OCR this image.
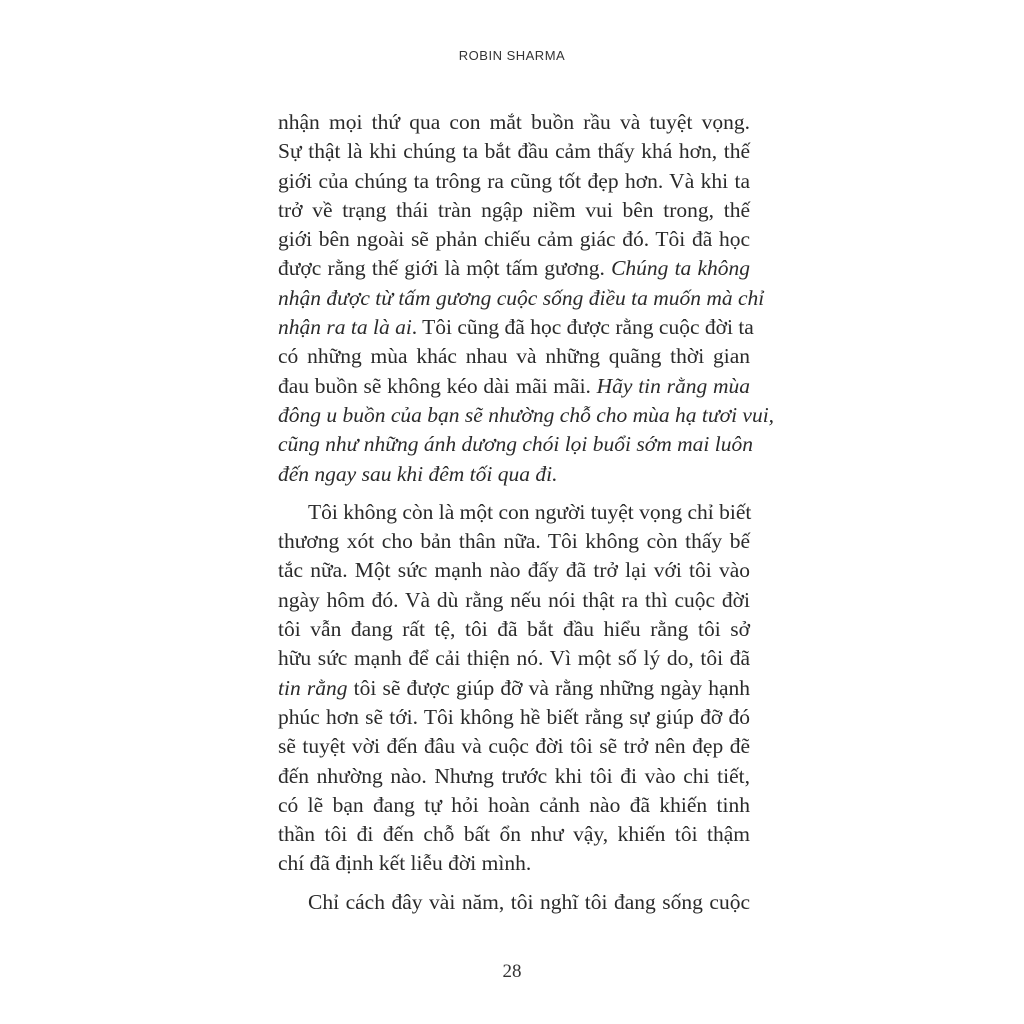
ROBIN SHARMA
nhận mọi thứ qua con mắt buồn rầu và tuyệt vọng.
Sự thật là khi chúng ta bắt đầu cảm thấy khá hơn, thế
giới của chúng ta trông ra cũng tốt đẹp hơn. Và khi ta
trở về trạng thái tràn ngập niềm vui bên trong, thế
giới bên ngoài sẽ phản chiếu cảm giác đó. Tôi đã học
được rằng thế giới là một tấm gương. Chúng ta không
nhận được từ tấm gương cuộc sống điều ta muốn mà chỉ
nhận ra ta là ai. Tôi cũng đã học được rằng cuộc đời ta
có những mùa khác nhau và những quãng thời gian
đau buồn sẽ không kéo dài mãi mãi. Hãy tin rằng mùa
đông u buồn của bạn sẽ nhường chỗ cho mùa hạ tươi vui,
cũng như những ánh dương chói lọi buổi sớm mai luôn
đến ngay sau khi đêm tối qua đi.
Tôi không còn là một con người tuyệt vọng chỉ biết
thương xót cho bản thân nữa. Tôi không còn thấy bế
tắc nữa. Một sức mạnh nào đấy đã trở lại với tôi vào
ngày hôm đó. Và dù rằng nếu nói thật ra thì cuộc đời
tôi vẫn đang rất tệ, tôi đã bắt đầu hiểu rằng tôi sở
hữu sức mạnh để cải thiện nó. Vì một số lý do, tôi đã
tin rằng tôi sẽ được giúp đỡ và rằng những ngày hạnh
phúc hơn sẽ tới. Tôi không hề biết rằng sự giúp đỡ đó
sẽ tuyệt vời đến đâu và cuộc đời tôi sẽ trở nên đẹp đẽ
đến nhường nào. Nhưng trước khi tôi đi vào chi tiết,
có lẽ bạn đang tự hỏi hoàn cảnh nào đã khiến tinh
thần tôi đi đến chỗ bất ổn như vậy, khiến tôi thậm
chí đã định kết liễu đời mình.
Chỉ cách đây vài năm, tôi nghĩ tôi đang sống cuộc
28
